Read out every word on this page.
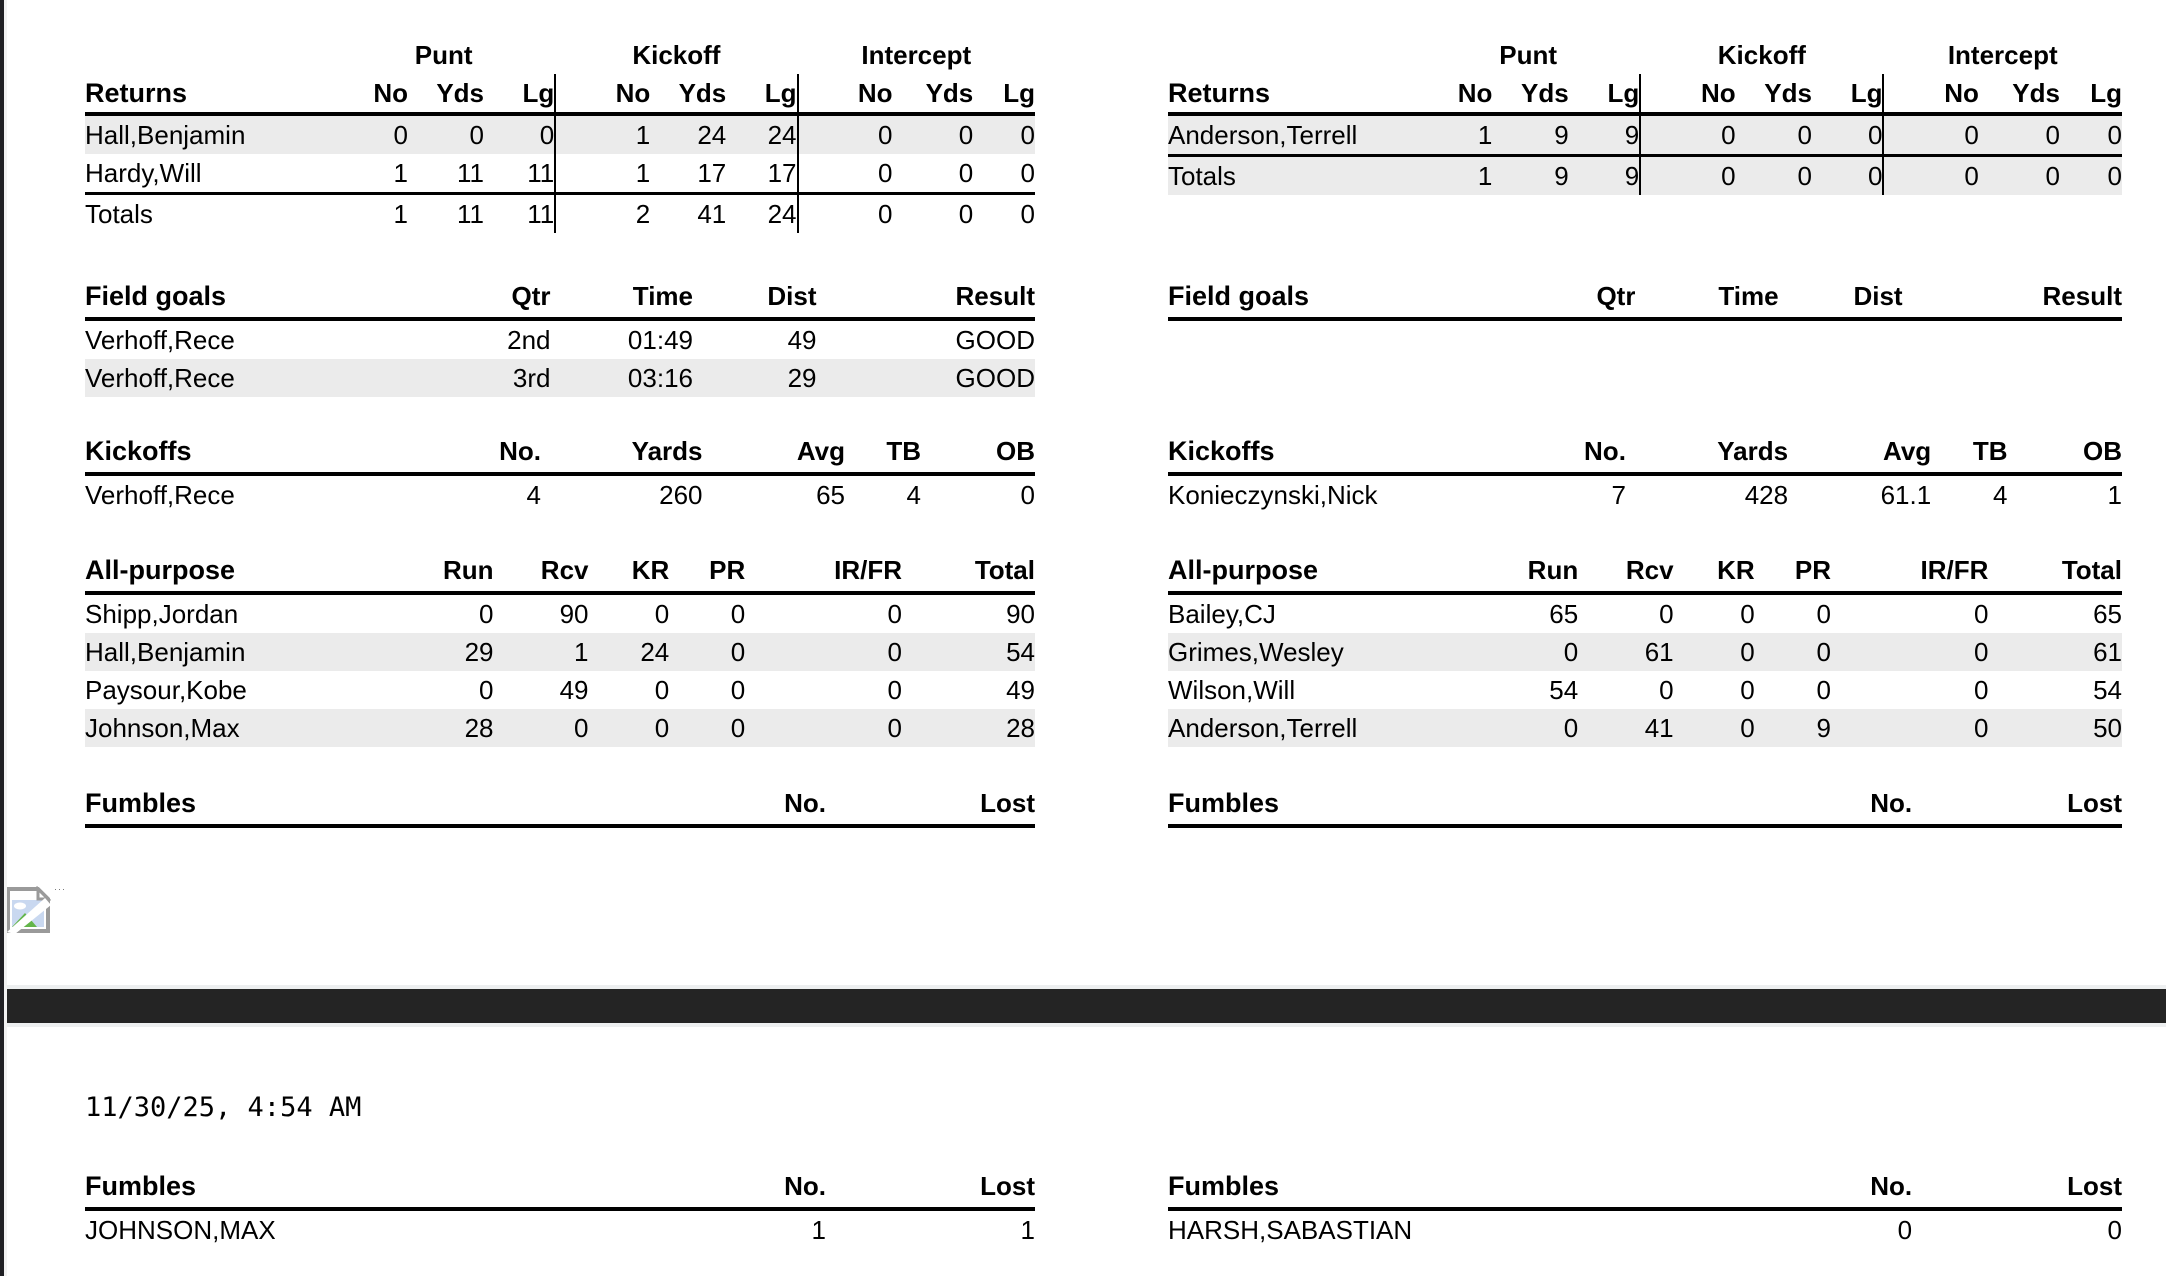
	Punt			Kickoff			Intercept		
Returns	No	Yds	Lg	No	Yds	Lg	No	Yds	Lg
Hall,Benjamin	0	0	0	1	24	24	0	0	0
Hardy,Will	1	11	11	1	17	17	0	0	0
Totals	1	11	11	2	41	24	0	0	0
Field goals	Qtr	Time	Dist	Result
Verhoff,Rece	2nd	01:49	49	GOOD
Verhoff,Rece	3rd	03:16	29	GOOD
Kickoffs	No.	Yards	Avg	TB	OB
Verhoff,Rece	4	260	65	4	0
All-purpose	Run	Rcv	KR	PR	IR/FR	Total
Shipp,Jordan	0	90	0	0	0	90
Hall,Benjamin	29	1	24	0	0	54
Paysour,Kobe	0	49	0	0	0	49
Johnson,Max	28	0	0	0	0	28
Fumbles	No.	Lost
Fumbles	No.	Lost
JOHNSON,MAX	1	1
	Punt			Kickoff			Intercept		
Returns	No	Yds	Lg	No	Yds	Lg	No	Yds	Lg
Anderson,Terrell	1	9	9	0	0	0	0	0	0
Totals	1	9	9	0	0	0	0	0	0
Field goals	Qtr	Time	Dist	Result
Kickoffs	No.	Yards	Avg	TB	OB
Konieczynski,Nick	7	428	61.1	4	1
All-purpose	Run	Rcv	KR	PR	IR/FR	Total
Bailey,CJ	65	0	0	0	0	65
Grimes,Wesley	0	61	0	0	0	61
Wilson,Will	54	0	0	0	0	54
Anderson,Terrell	0	41	0	9	0	50
Fumbles	No.	Lost
Fumbles	No.	Lost
HARSH,SABASTIAN	0	0
···
11/30/25, 4:54 AM
